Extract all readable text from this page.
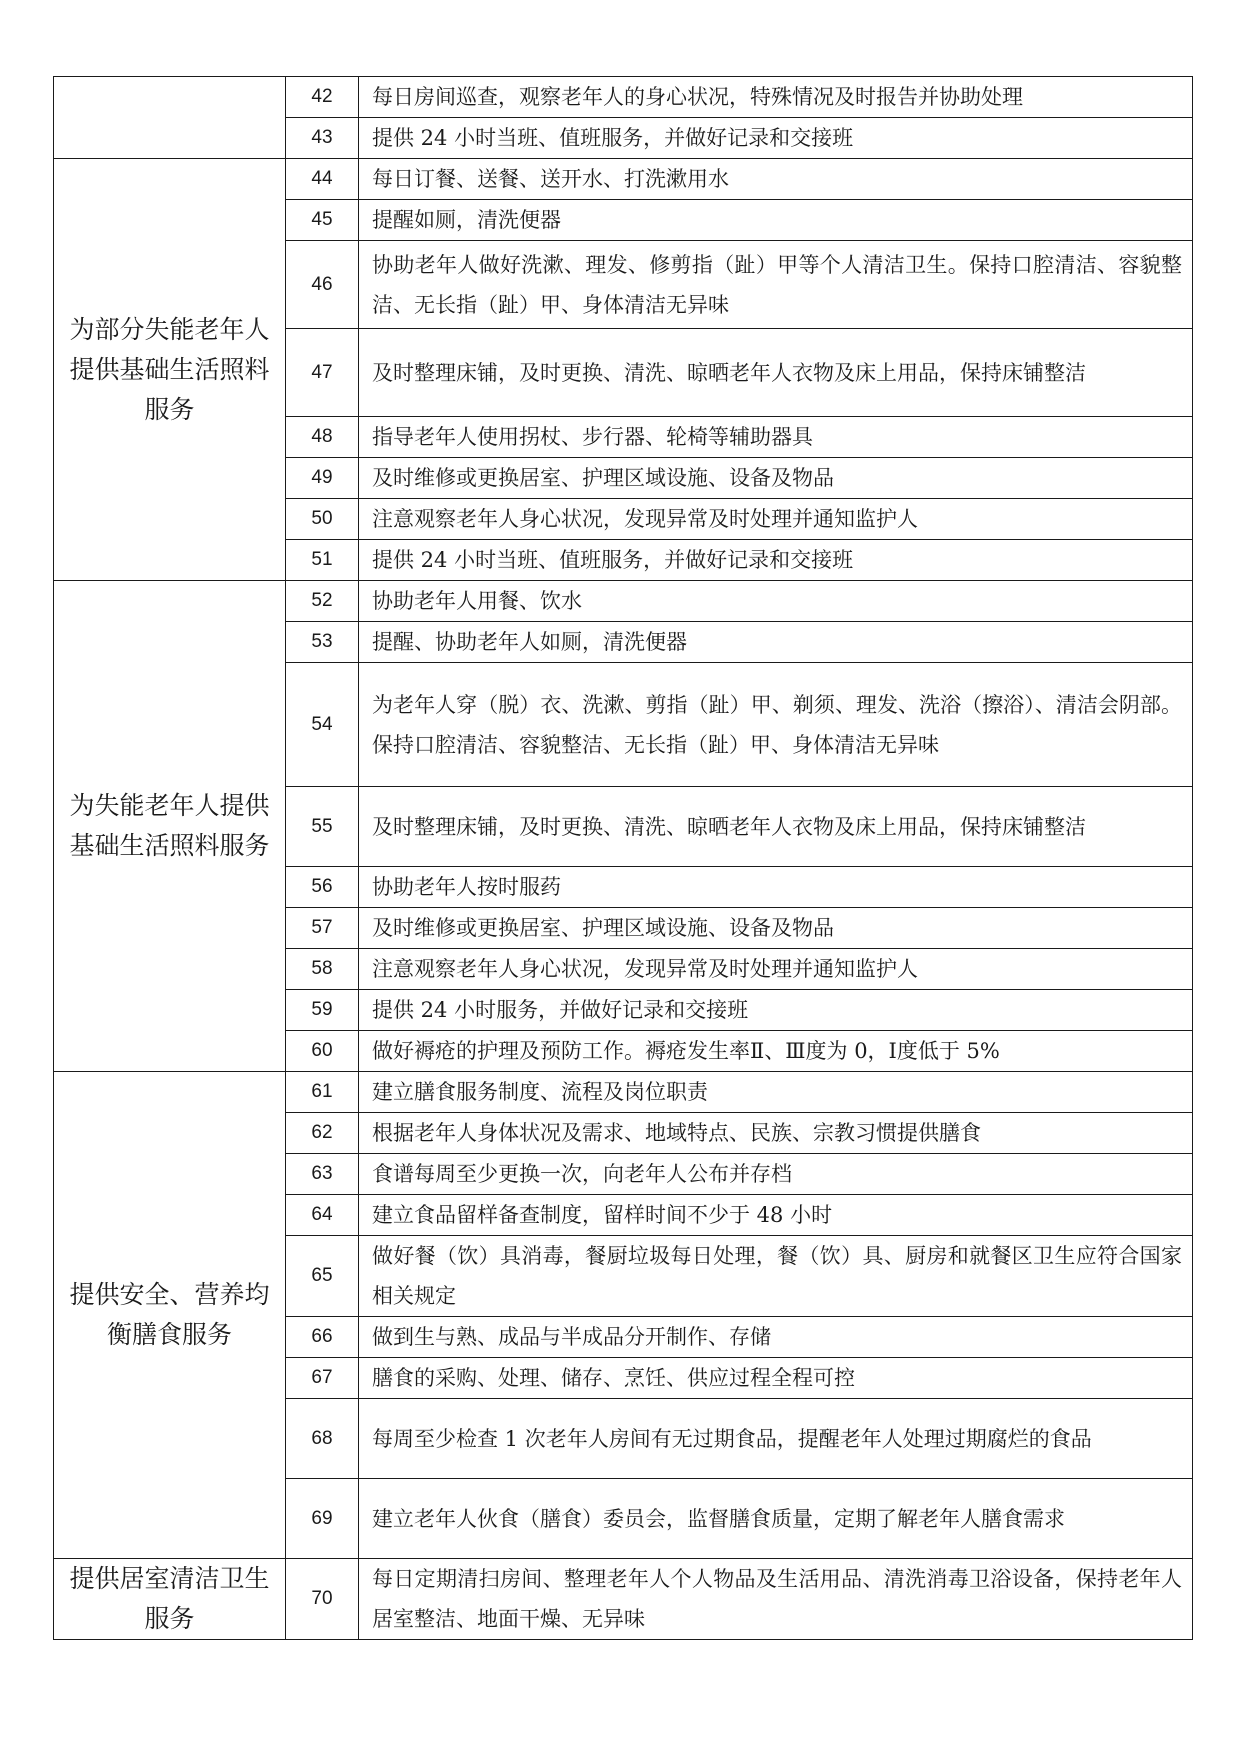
	42	每日房间巡查，观察老年人的身心状况，特殊情况及时报告并协助处理
	43	提供 24 小时当班、值班服务，并做好记录和交接班
为部分失能老年人提供基础生活照料服务	44	每日订餐、送餐、送开水、打洗漱用水
	45	提醒如厕，清洗便器
	46	协助老年人做好洗漱、理发、修剪指（趾）甲等个人清洁卫生。保持口腔清洁、容貌整洁、无长指（趾）甲、身体清洁无异味
	47	及时整理床铺，及时更换、清洗、晾晒老年人衣物及床上用品，保持床铺整洁
	48	指导老年人使用拐杖、步行器、轮椅等辅助器具
	49	及时维修或更换居室、护理区域设施、设备及物品
	50	注意观察老年人身心状况，发现异常及时处理并通知监护人
	51	提供 24 小时当班、值班服务，并做好记录和交接班
为失能老年人提供基础生活照料服务	52	协助老年人用餐、饮水
	53	提醒、协助老年人如厕，清洗便器
	54	为老年人穿（脱）衣、洗漱、剪指（趾）甲、剃须、理发、洗浴（擦浴）、清洁会阴部。保持口腔清洁、容貌整洁、无长指（趾）甲、身体清洁无异味
	55	及时整理床铺，及时更换、清洗、晾晒老年人衣物及床上用品，保持床铺整洁
	56	协助老年人按时服药
	57	及时维修或更换居室、护理区域设施、设备及物品
	58	注意观察老年人身心状况，发现异常及时处理并通知监护人
	59	提供 24 小时服务，并做好记录和交接班
	60	做好褥疮的护理及预防工作。褥疮发生率Ⅱ、Ⅲ度为 0，Ⅰ度低于 5%
提供安全、营养均衡膳食服务	61	建立膳食服务制度、流程及岗位职责
	62	根据老年人身体状况及需求、地域特点、民族、宗教习惯提供膳食
	63	食谱每周至少更换一次，向老年人公布并存档
	64	建立食品留样备查制度，留样时间不少于 48 小时
	65	做好餐（饮）具消毒，餐厨垃圾每日处理，餐（饮）具、厨房和就餐区卫生应符合国家相关规定
	66	做到生与熟、成品与半成品分开制作、存储
	67	膳食的采购、处理、储存、烹饪、供应过程全程可控
	68	每周至少检查 1 次老年人房间有无过期食品，提醒老年人处理过期腐烂的食品
	69	建立老年人伙食（膳食）委员会，监督膳食质量，定期了解老年人膳食需求
提供居室清洁卫生服务	70	每日定期清扫房间、整理老年人个人物品及生活用品、清洗消毒卫浴设备，保持老年人居室整洁、地面干燥、无异味
